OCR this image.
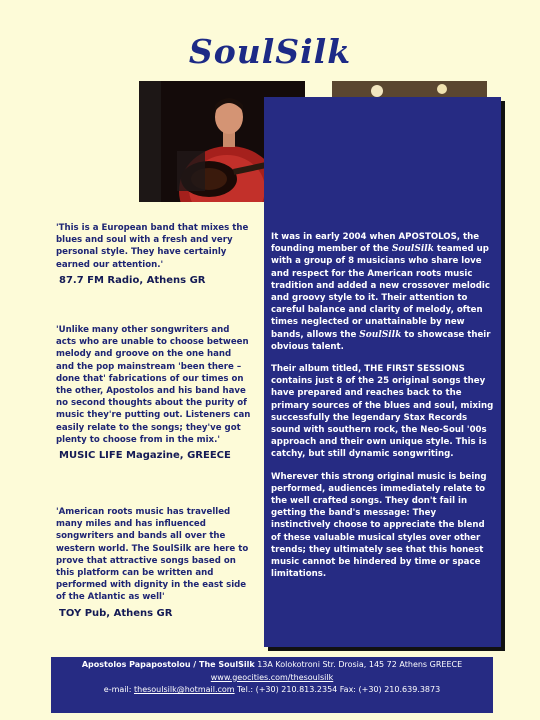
SoulSilk

It was in early 2004 when APOSTOLOS, the founding member of the SoulSilk teamed up with a group of 8 musicians who share love and respect for the American roots music tradition and added a new crossover melodic and groovy style to it. Their attention to careful balance and clarity of melody, often times neglected or unattainable by new bands, allows the SoulSilk to showcase their obvious talent.

Their album titled, THE FIRST SESSIONS contains just 8 of the 25 original songs they have prepared and reaches back to the primary sources of the blues and soul, mixing successfully the legendary Stax Records sound with southern rock, the Neo-Soul '00s approach and their own unique style. This is catchy, but still dynamic songwriting.

Wherever this strong original music is being performed, audiences immediately relate to the well crafted songs. They don't fail in getting the band's message: They instinctively choose to appreciate the blend of these valuable musical styles over other trends; they ultimately see that this honest music cannot be hindered by time or space limitations.

'This is a European band that mixes the blues and soul with a fresh and very personal style. They have certainly earned our attention.'

87.7 FM Radio, Athens GR

'Unlike many other songwriters and acts who are unable to choose between melody and groove on the one hand and the pop mainstream 'been there – done that' fabrications of our times on the other, Apostolos and his band have no second thoughts about the purity of music they're putting out. Listeners can easily relate to the songs; they've got plenty to choose from in the mix.'

MUSIC LIFE Magazine, GREECE

'American roots music has travelled many miles and has influenced songwriters and bands all over the western world. The SoulSilk are here to prove that attractive songs based on this platform can be written and performed with dignity in the east side of the Atlantic as well'

TOY Pub, Athens GR

Apostolos Papapostolou / The SoulSilk 13A Kolokotroni Str. Drosia, 145 72 Athens GREECE
www.geocities.com/thesoulsilk
e-mail: thesoulsilk@hotmail.com Tel.: (+30) 210.813.2354 Fax: (+30) 210.639.3873
